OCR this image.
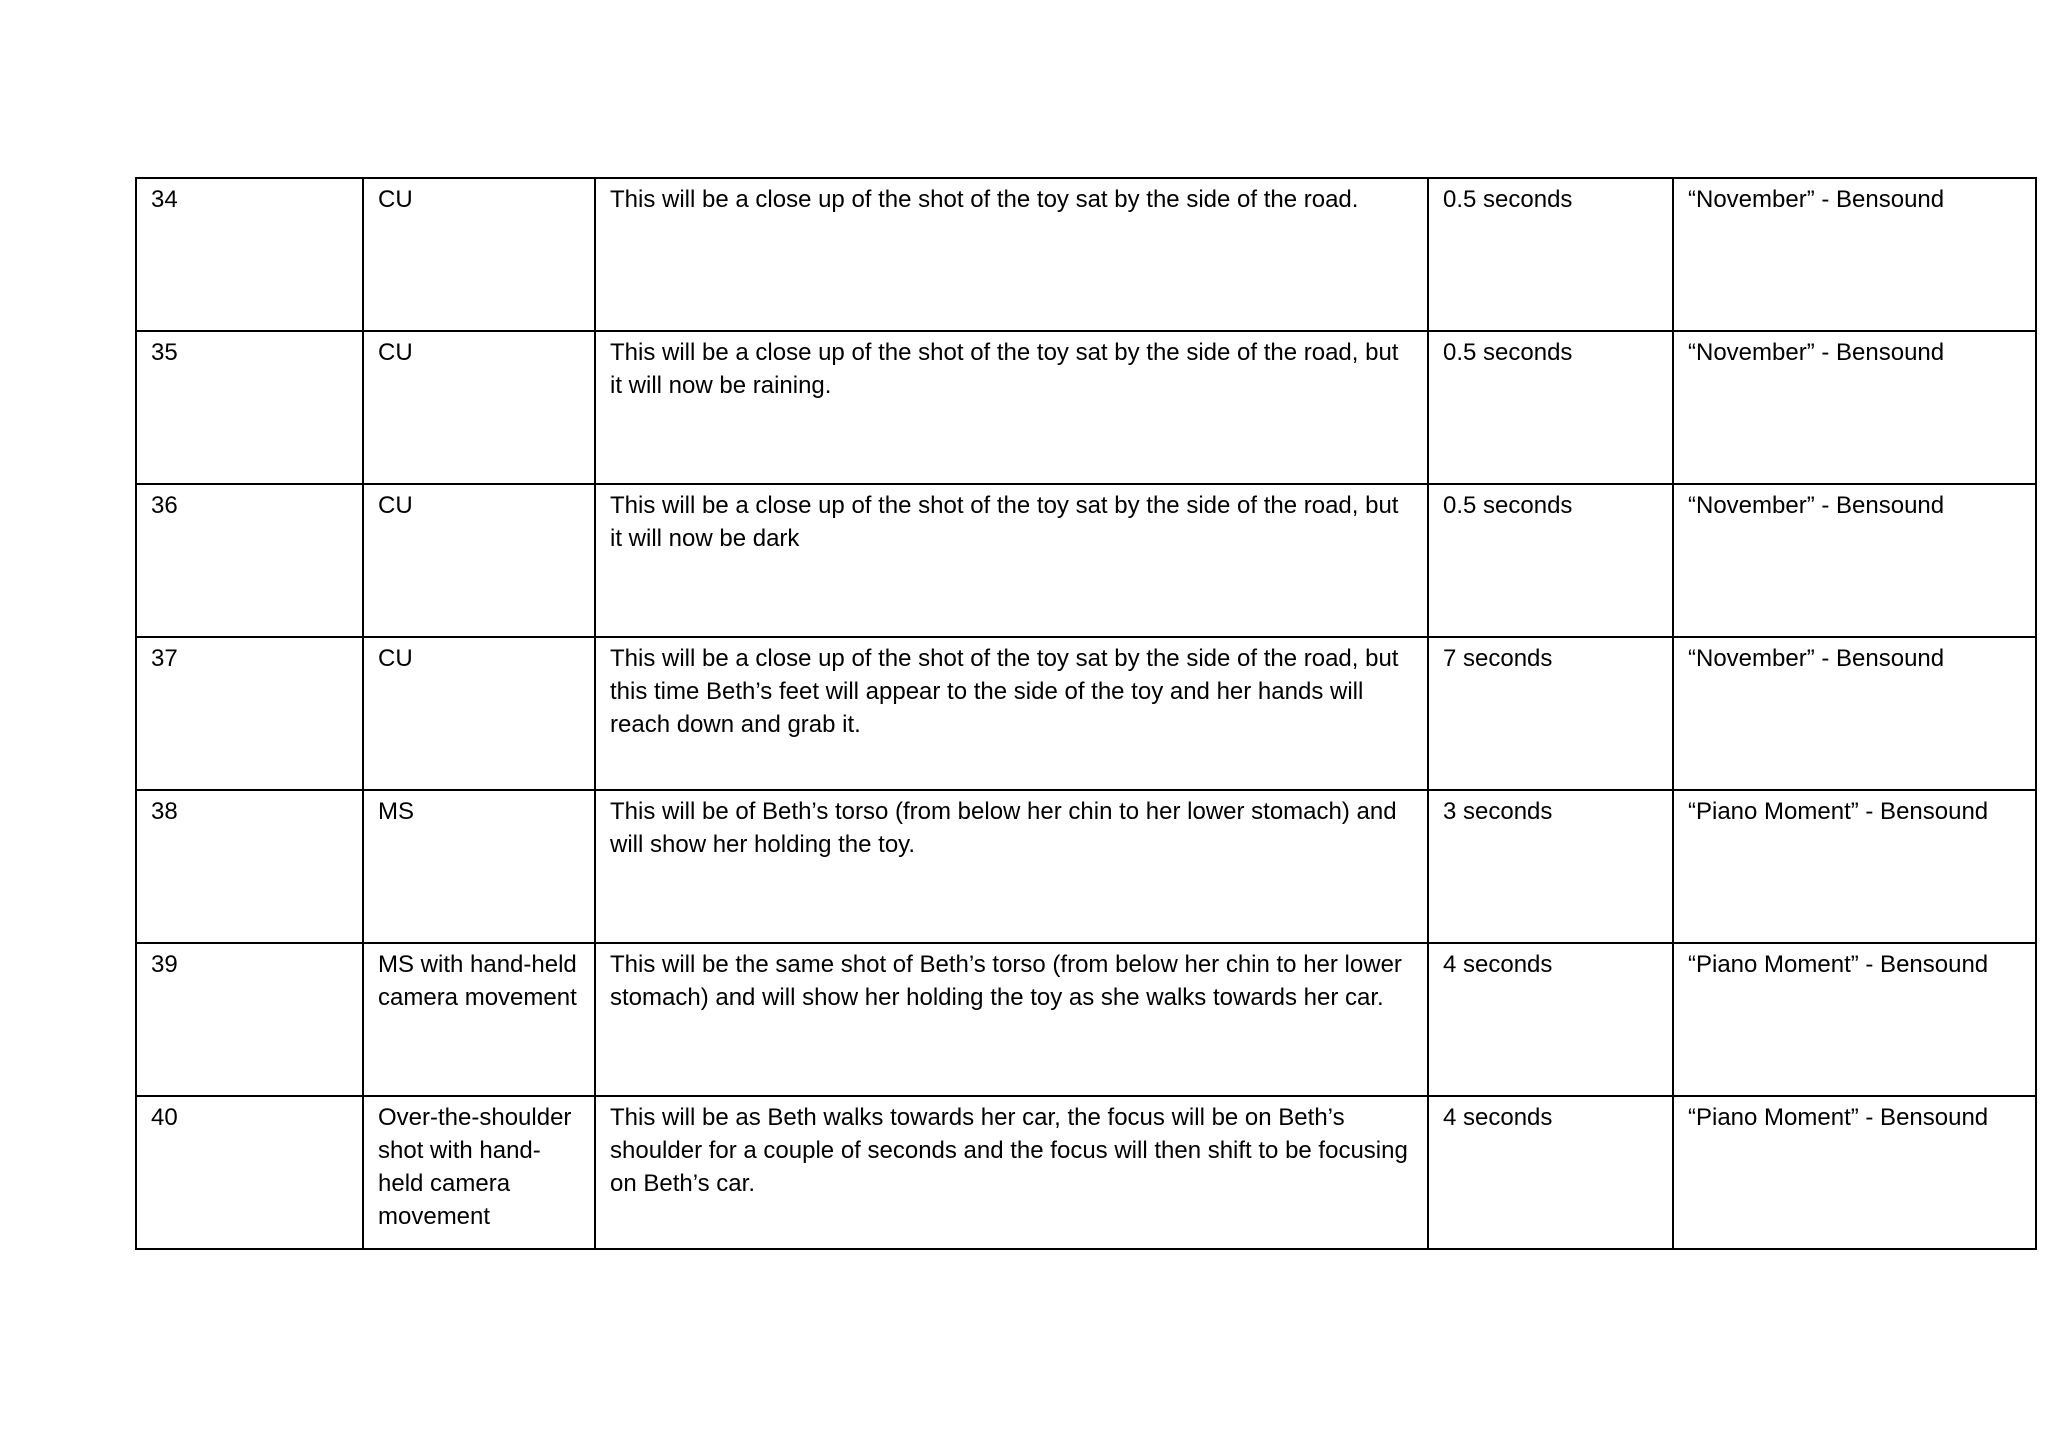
34	CU	This will be a close up of the shot of the toy sat by the side of the road.	0.5 seconds	“November” - Bensound
35	CU	This will be a close up of the shot of the toy sat by the side of the road, but it will now be raining.	0.5 seconds	“November” - Bensound
36	CU	This will be a close up of the shot of the toy sat by the side of the road, but it will now be dark	0.5 seconds	“November” - Bensound
37	CU	This will be a close up of the shot of the toy sat by the side of the road, but this time Beth’s feet will appear to the side of the toy and her hands will reach down and grab it.	7 seconds	“November” - Bensound
38	MS	This will be of Beth’s torso (from below her chin to her lower stomach) and will show her holding the toy.	3 seconds	“Piano Moment” - Bensound
39	MS with hand-held camera movement	This will be the same shot of Beth’s torso (from below her chin to her lower stomach) and will show her holding the toy as she walks towards her car.	4 seconds	“Piano Moment” - Bensound
40	Over-the-shoulder shot with hand-held camera movement	This will be as Beth walks towards her car, the focus will be on Beth’s shoulder for a couple of seconds and the focus will then shift to be focusing on Beth’s car.	4 seconds	“Piano Moment” - Bensound
